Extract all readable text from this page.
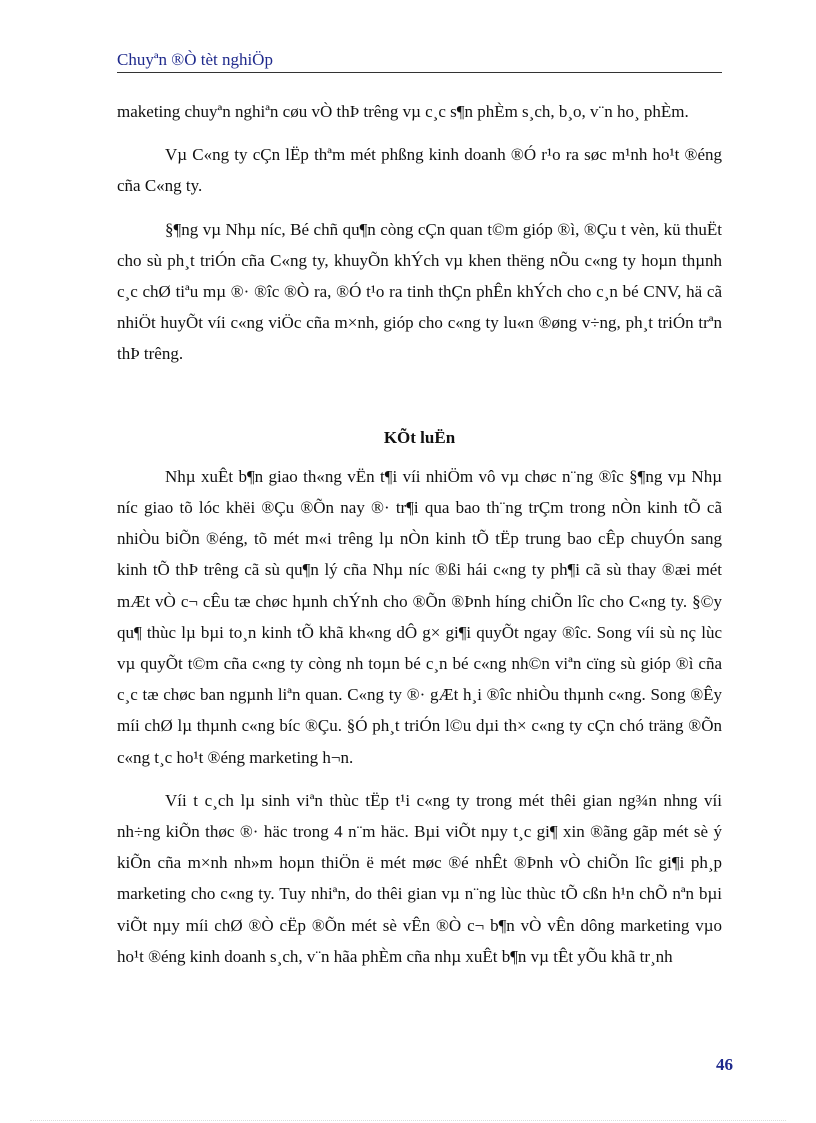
Chuyªn ®Ò tèt nghiÖp

maketing chuyªn nghiªn cøu vÒ thÞ trêng vµ c¸c s¶n phÈm s¸ch, b¸o, v¨n ho¸ phÈm.

Vµ C«ng ty cÇn lËp thªm mét phßng kinh doanh ®Ó r¹o ra søc m¹nh ho¹t ®éng cña C«ng ty.

§¶ng vµ Nhµ níc, Bé chñ qu¶n còng cÇn quan t©m gióp ®ì, ®Çu t vèn, kü thuËt cho sù ph¸t triÓn cña C«ng ty, khuyÕn khÝch vµ khen thëng nÕu c«ng ty hoµn thµnh c¸c chØ tiªu mµ ®· ®îc ®Ò ra, ®Ó t¹o ra tinh thÇn phÊn khÝch cho c¸n bé CNV, hä cã nhiÖt huyÕt víi c«ng viÖc cña m×nh, gióp cho c«ng ty lu«n ®øng v÷ng, ph¸t triÓn trªn thÞ trêng.

KÕt luËn

Nhµ xuÊt b¶n giao th«ng vËn t¶i víi nhiÖm vô vµ chøc n¨ng ®îc §¶ng vµ Nhµ níc giao tõ lóc khëi ®Çu ®Õn nay ®· tr¶i qua bao th¨ng trÇm trong nÒn kinh tÕ cã nhiÒu biÕn ®éng, tõ mét m«i trêng lµ nÒn kinh tÕ tËp trung bao cÊp chuyÓn sang kinh tÕ thÞ trêng cã sù qu¶n lý cña Nhµ níc ®ßi hái c«ng ty ph¶i cã sù thay ®æi mét mÆt vÒ c¬ cÊu tæ chøc hµnh chÝnh cho ®Õn ®Þnh híng chiÕn lîc cho C«ng ty. §©y qu¶ thùc lµ bµi to¸n kinh tÕ khã kh«ng dÔ g× gi¶i quyÕt ngay ®îc. Song víi sù nç lùc vµ quyÕt t©m cña c«ng ty còng nh toµn bé c¸n bé c«ng nh©n viªn cïng sù gióp ®ì cña c¸c tæ chøc ban ngµnh liªn quan. C«ng ty ®· gÆt h¸i ®îc nhiÒu thµnh c«ng. Song ®Êy míi chØ lµ thµnh c«ng bíc ®Çu. §Ó ph¸t triÓn l©u dµi th× c«ng ty cÇn chó träng ®Õn c«ng t¸c ho¹t ®éng marketing h¬n.

Víi t c¸ch lµ sinh viªn thùc tËp t¹i c«ng ty trong mét thêi gian ng¾n nhng víi nh÷ng kiÕn thøc ®· häc trong 4 n¨m häc. Bµi viÕt nµy t¸c gi¶ xin ®ãng gãp mét sè ý kiÕn cña m×nh nh»m hoµn thiÖn ë mét møc ®é nhÊt ®Þnh vÒ chiÕn lîc gi¶i ph¸p marketing cho c«ng ty. Tuy nhiªn, do thêi gian vµ n¨ng lùc thùc tÕ cßn h¹n chÕ nªn bµi viÕt nµy míi chØ ®Ò cËp ®Õn mét sè vÊn ®Ò c¬ b¶n vÒ vÊn dông marketing vµo ho¹t ®éng kinh doanh s¸ch, v¨n hãa phÈm cña nhµ xuÊt b¶n vµ tÊt yÕu khã tr¸nh

46
